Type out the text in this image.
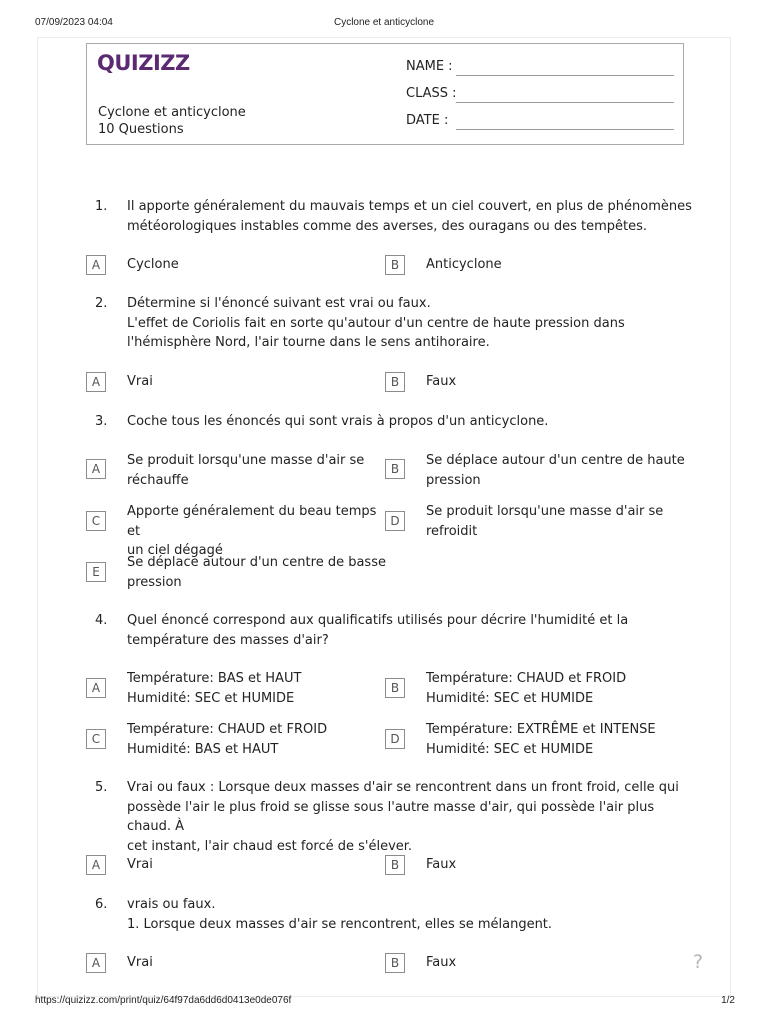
07/09/2023 04:04	Cyclone et anticyclone
QUIZIZZ
Cyclone et anticyclone
10 Questions
NAME :
CLASS :
DATE :
1. Il apporte généralement du mauvais temps et un ciel couvert, en plus de phénomènes
météorologiques instables comme des averses, des ouragans ou des tempêtes.
A	Cyclone	B	Anticyclone
2. Détermine si l'énoncé suivant est vrai ou faux.
L'effet de Coriolis fait en sorte qu'autour d'un centre de haute pression dans
l'hémisphère Nord, l'air tourne dans le sens antihoraire.
A	Vrai	B	Faux
3. Coche tous les énoncés qui sont vrais à propos d'un anticyclone.
A
Se produit lorsqu'une masse d'air se
réchauffe
B
Se déplace autour d'un centre de haute
pression
C
Apporte généralement du beau temps et
un ciel dégagé
D
Se produit lorsqu'une masse d'air se
refroidit
E
Se déplace autour d'un centre de basse
pression
4. Quel énoncé correspond aux qualificatifs utilisés pour décrire l'humidité et la
température des masses d'air?
A
Température: BAS et HAUT
Humidité: SEC et HUMIDE
B
Température: CHAUD et FROID
Humidité: SEC et HUMIDE
C
Température: CHAUD et FROID
Humidité: BAS et HAUT
D
Température: EXTRÊME et INTENSE
Humidité: SEC et HUMIDE
5. Vrai ou faux : Lorsque deux masses d'air se rencontrent dans un front froid, celle qui
possède l'air le plus froid se glisse sous l'autre masse d'air, qui possède l'air plus chaud. À
cet instant, l'air chaud est forcé de s'élever.
A	Vrai	B	Faux
6. vrais ou faux.
1. Lorsque deux masses d'air se rencontrent, elles se mélangent.
A	Vrai	B	Faux	?
https://quizizz.com/print/quiz/64f97da6dd6d0413e0de076f	1/2
